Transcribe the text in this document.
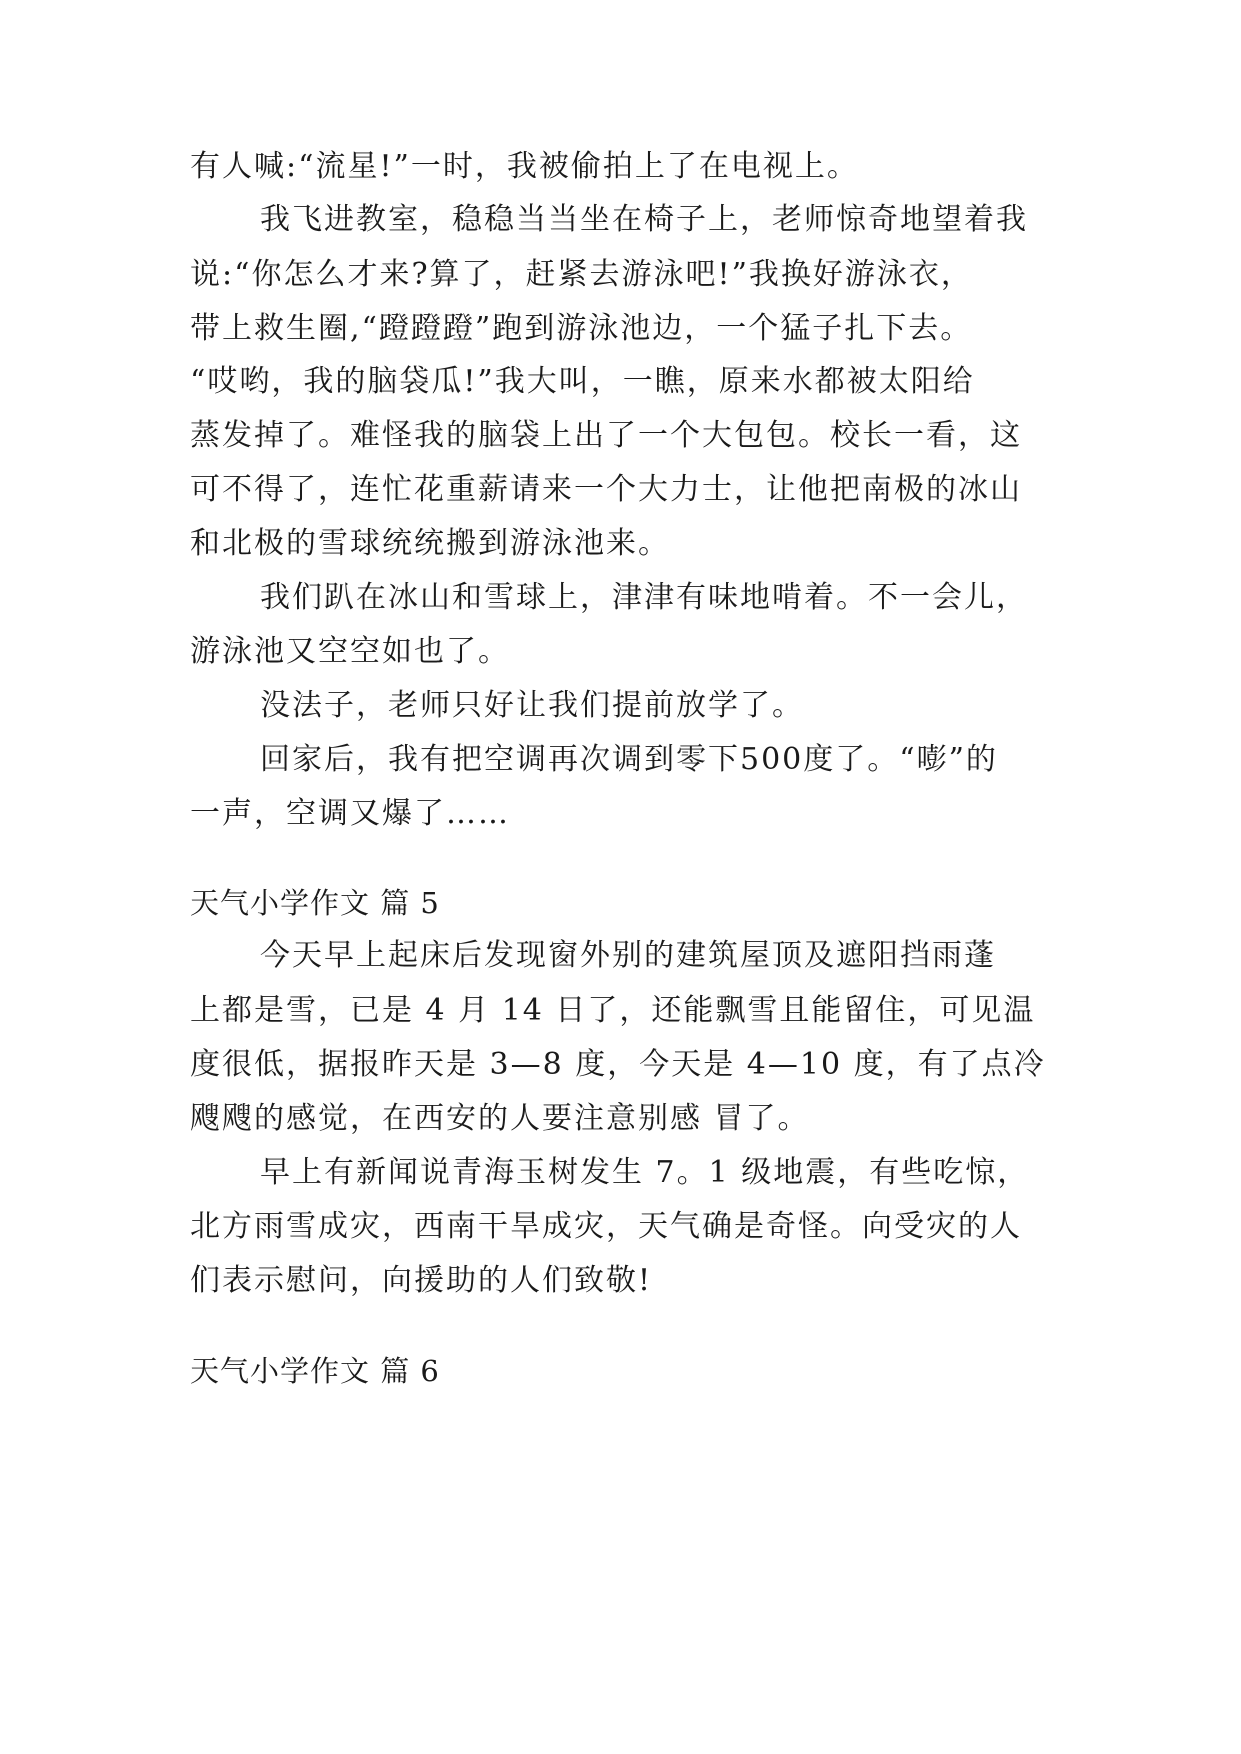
有人喊:“流星!”一时，我被偷拍上了在电视上。
我飞进教室，稳稳当当坐在椅子上，老师惊奇地望着我
说:“你怎么才来?算了，赶紧去游泳吧!”我换好游泳衣，
带上救生圈,“蹬蹬蹬”跑到游泳池边，一个猛子扎下去。
“哎哟，我的脑袋瓜!”我大叫，一瞧，原来水都被太阳给
蒸发掉了。难怪我的脑袋上出了一个大包包。校长一看，这
可不得了，连忙花重薪请来一个大力士，让他把南极的冰山
和北极的雪球统统搬到游泳池来。
我们趴在冰山和雪球上，津津有味地啃着。不一会儿，
游泳池又空空如也了。
没法子，老师只好让我们提前放学了。
回家后，我有把空调再次调到零下500度了。“嘭”的
一声，空调又爆了……
天气小学作文 篇 5
今天早上起床后发现窗外别的建筑屋顶及遮阳挡雨蓬
上都是雪，已是 4 月 14 日了，还能飘雪且能留住，可见温
度很低，据报昨天是 3—8 度，今天是 4—10 度，有了点冷
飕飕的感觉，在西安的人要注意别感 冒了。
早上有新闻说青海玉树发生 7。1 级地震，有些吃惊，
北方雨雪成灾，西南干旱成灾，天气确是奇怪。向受灾的人
们表示慰问，向援助的人们致敬!
天气小学作文 篇 6
